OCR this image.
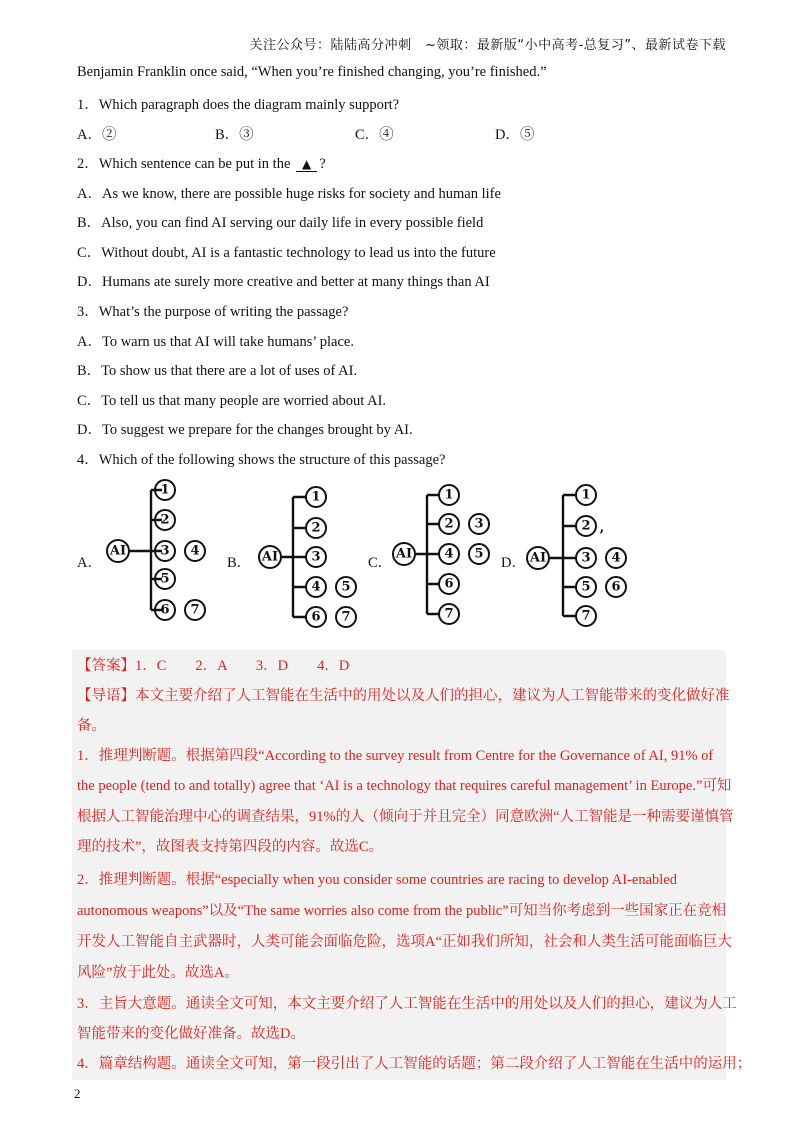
关注公众号：陆陆高分冲刺　~领取：最新版“小中高考-总复习”、最新试卷下载
Benjamin Franklin once said, “When you’re finished changing, you’re finished.”
1．Which paragraph does the diagram mainly support?
A．②	B．③	C．④	D．⑤
2．Which sentence can be put in the ▲ ?
A．As we know, there are possible huge risks for society and human life
B．Also, you can find AI serving our daily life in every possible field
C．Without doubt, AI is a fantastic technology to lead us into the future
D．Humans ate surely more creative and better at many things than AI
3．What’s the purpose of writing the passage?
A．To warn us that AI will take humans’ place.
B．To show us that there are a lot of uses of AI.
C．To tell us that many people are worried about AI.
D．To suggest we prepare for the changes brought by AI.
4．Which of the following shows the structure of this passage?
A．	B．	C．	D．
AI
1
2
3 4
5
6 7
AI
1
2
3
4 5
6 7
AI
1
2 3
4 5
6
7
AI
1
2 ,
3 4
5 6
7
【答案】1．C　　2．A　　3．D　　4．D
【导语】本文主要介绍了人工智能在生活中的用处以及人们的担心，建议为人工智能带来的变化做好准
备。
1．推理判断题。根据第四段“According to the survey result from Centre for the Governance of AI, 91% of
the people (tend to and totally) agree that ‘AI is a technology that requires careful management’ in Europe.”可知
根据人工智能治理中心的调查结果，91%的人（倾向于并且完全）同意欧洲“人工智能是一种需要谨慎管
理的技术”，故图表支持第四段的内容。故选C。
2．推理判断题。根据“especially when you consider some countries are racing to develop AI-enabled
autonomous weapons”以及“The same worries also come from the public”可知当你考虑到一些国家正在竞相
开发人工智能自主武器时，人类可能会面临危险，选项A“正如我们所知，社会和人类生活可能面临巨大
风险”放于此处。故选A。
3．主旨大意题。通读全文可知，本文主要介绍了人工智能在生活中的用处以及人们的担心，建议为人工
智能带来的变化做好准备。故选D。
4．篇章结构题。通读全文可知，第一段引出了人工智能的话题；第二段介绍了人工智能在生活中的运用；
2
